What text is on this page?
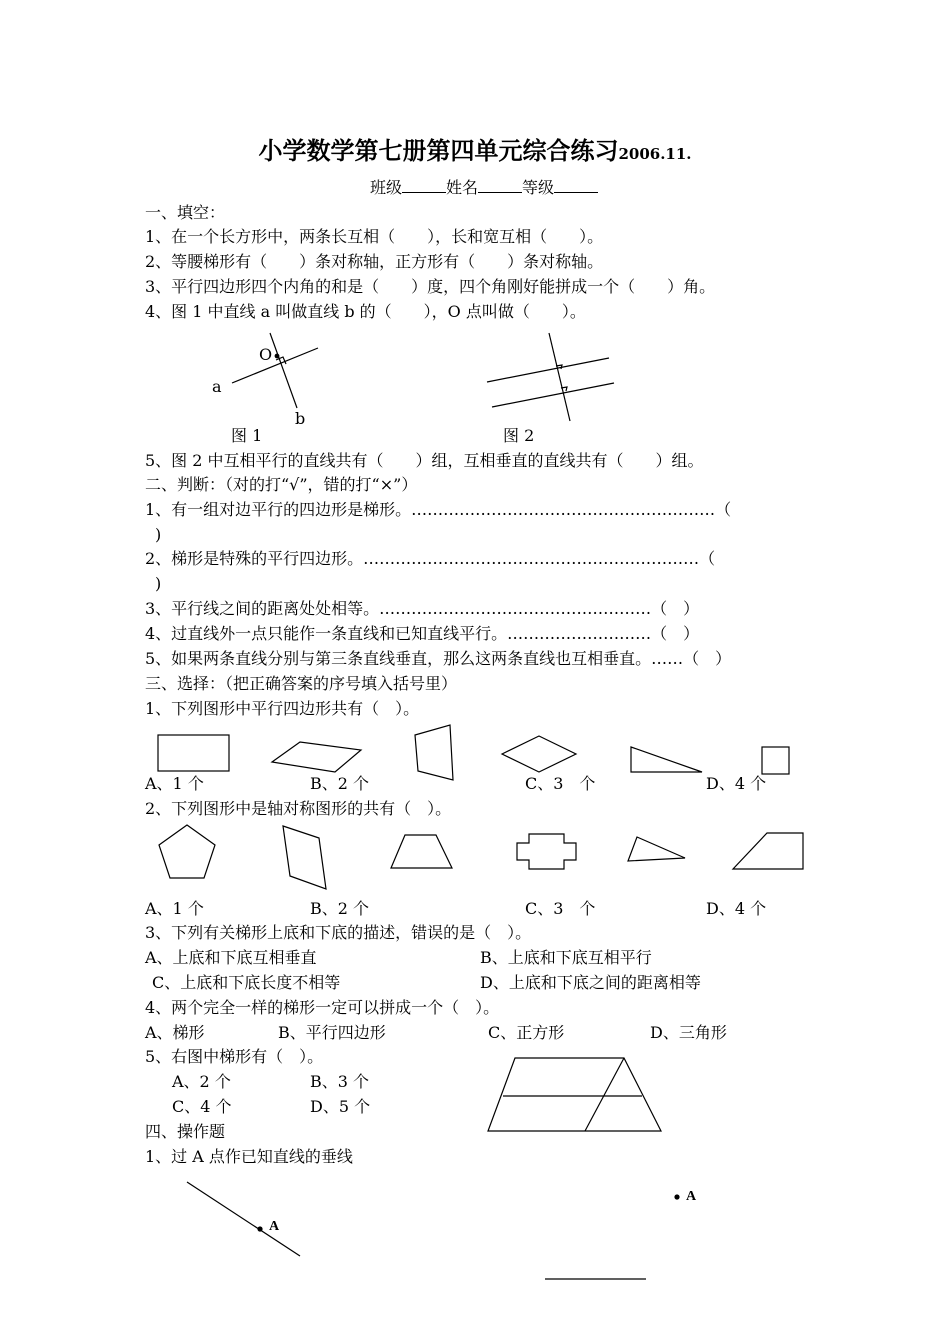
小学数学第七册第四单元综合练习2006.11.
班级	姓名	等级
一、填空：
1、在一个长方形中，两条长互相（　　），长和宽互相（　　）。
2、等腰梯形有（　　）条对称轴，正方形有（　　）条对称轴。
3、平行四边形四个内角的和是（　　）度，四个角刚好能拼成一个（　　）角。
4、图 1 中直线 a 叫做直线 b 的（　　），O 点叫做（　　）。
O
a
b
图 1	图 2
5、图 2 中互相平行的直线共有（　　）组，互相垂直的直线共有（　　）组。
二、判断：（对的打“√”，错的打“×”）
1、有一组对边平行的四边形是梯形。…………………………………………………（
)
2、梯形是特殊的平行四边形。………………………………………………………（
)
3、平行线之间的距离处处相等。……………………………………………（　）
4、过直线外一点只能作一条直线和已知直线平行。………………………（　）
5、如果两条直线分别与第三条直线垂直，那么这两条直线也互相垂直。……（　）
三、选择：（把正确答案的序号填入括号里）
1、下列图形中平行四边形共有（　）。
A、1 个	B、2 个	C、3　个	D、4 个
2、下列图形中是轴对称图形的共有（　）。
A、1 个	B、2 个	C、3　个	D、4 个
3、下列有关梯形上底和下底的描述，错误的是（　）。
A、上底和下底互相垂直	B、上底和下底互相平行
C、上底和下底长度不相等	D、上底和下底之间的距离相等
4、两个完全一样的梯形一定可以拼成一个（　）。
A、梯形	B、平行四边形	C、正方形	D、三角形
5、右图中梯形有（　）。
A、2 个	B、3 个
C、4 个	D、5 个
四、操作题
1、过 A 点作已知直线的垂线
A
A
